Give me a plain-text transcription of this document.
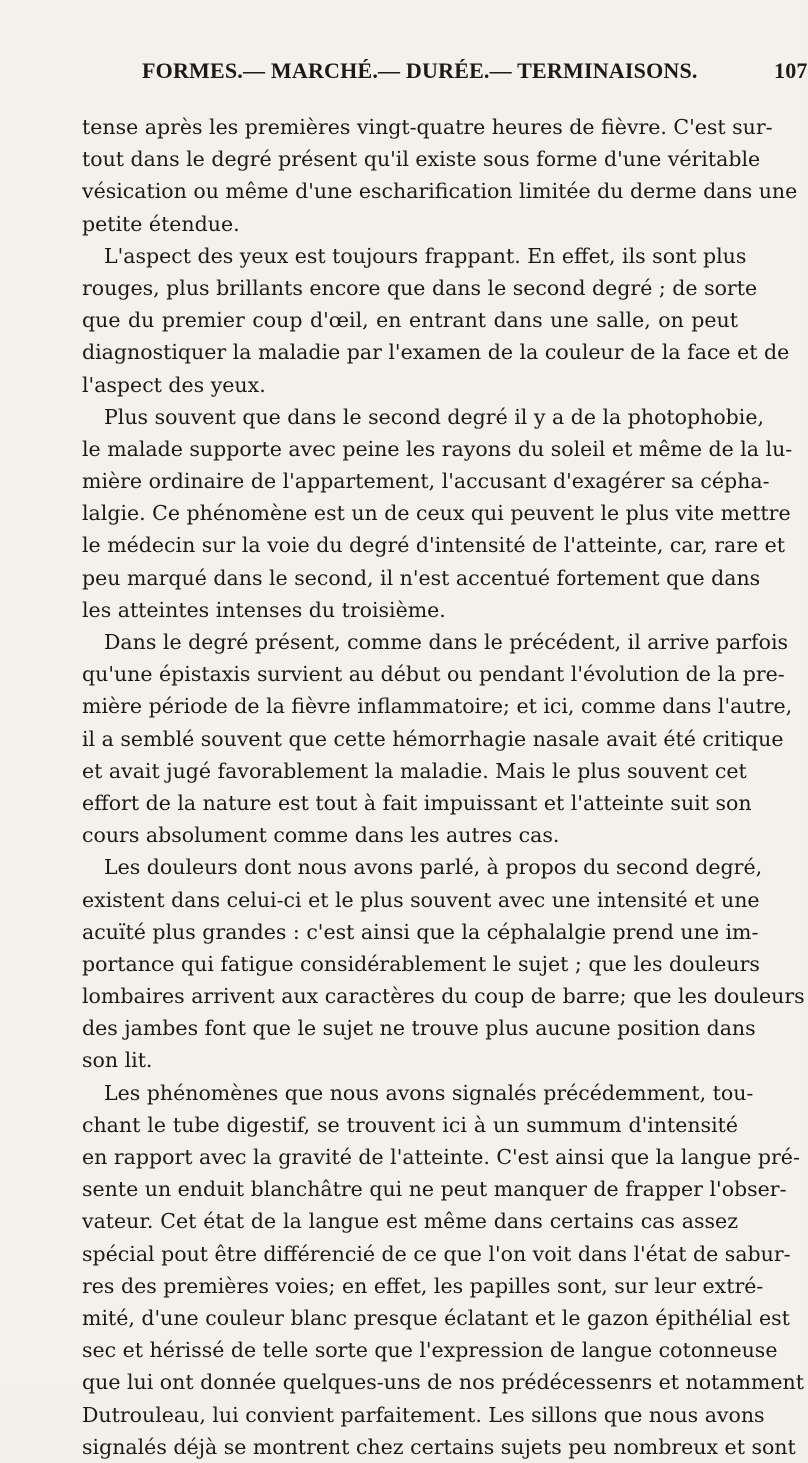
FORMES.— MARCHÉ.— DURÉE.— TERMINAISONS.	107
tense après les premières vingt-quatre heures de fièvre. C'est sur-
tout dans le degré présent qu'il existe sous forme d'une véritable
vésication ou même d'une escharification limitée du derme dans une
petite étendue.
L'aspect des yeux est toujours frappant. En effet, ils sont plus
rouges, plus brillants encore que dans le second degré ; de sorte
que du premier coup d'œil, en entrant dans une salle, on peut
diagnostiquer la maladie par l'examen de la couleur de la face et de
l'aspect des yeux.
Plus souvent que dans le second degré il y a de la photophobie,
le malade supporte avec peine les rayons du soleil et même de la lu-
mière ordinaire de l'appartement, l'accusant d'exagérer sa cépha-
lalgie. Ce phénomène est un de ceux qui peuvent le plus vite mettre
le médecin sur la voie du degré d'intensité de l'atteinte, car, rare et
peu marqué dans le second, il n'est accentué fortement que dans
les atteintes intenses du troisième.
Dans le degré présent, comme dans le précédent, il arrive parfois
qu'une épistaxis survient au début ou pendant l'évolution de la pre-
mière période de la fièvre inflammatoire; et ici, comme dans l'autre,
il a semblé souvent que cette hémorrhagie nasale avait été critique
et avait jugé favorablement la maladie. Mais le plus souvent cet
effort de la nature est tout à fait impuissant et l'atteinte suit son
cours absolument comme dans les autres cas.
Les douleurs dont nous avons parlé, à propos du second degré,
existent dans celui-ci et le plus souvent avec une intensité et une
acuïté plus grandes : c'est ainsi que la céphalalgie prend une im-
portance qui fatigue considérablement le sujet ; que les douleurs
lombaires arrivent aux caractères du coup de barre; que les douleurs
des jambes font que le sujet ne trouve plus aucune position dans
son lit.
Les phénomènes que nous avons signalés précédemment, tou-
chant le tube digestif, se trouvent ici à un summum d'intensité
en rapport avec la gravité de l'atteinte. C'est ainsi que la langue pré-
sente un enduit blanchâtre qui ne peut manquer de frapper l'obser-
vateur. Cet état de la langue est même dans certains cas assez
spécial pout être différencié de ce que l'on voit dans l'état de sabur-
res des premières voies; en effet, les papilles sont, sur leur extré-
mité, d'une couleur blanc presque éclatant et le gazon épithélial est
sec et hérissé de telle sorte que l'expression de langue cotonneuse
que lui ont donnée quelques-uns de nos prédécessenrs et notamment
Dutrouleau, lui convient parfaitement. Les sillons que nous avons
signalés déjà se montrent chez certains sujets peu nombreux et sont
